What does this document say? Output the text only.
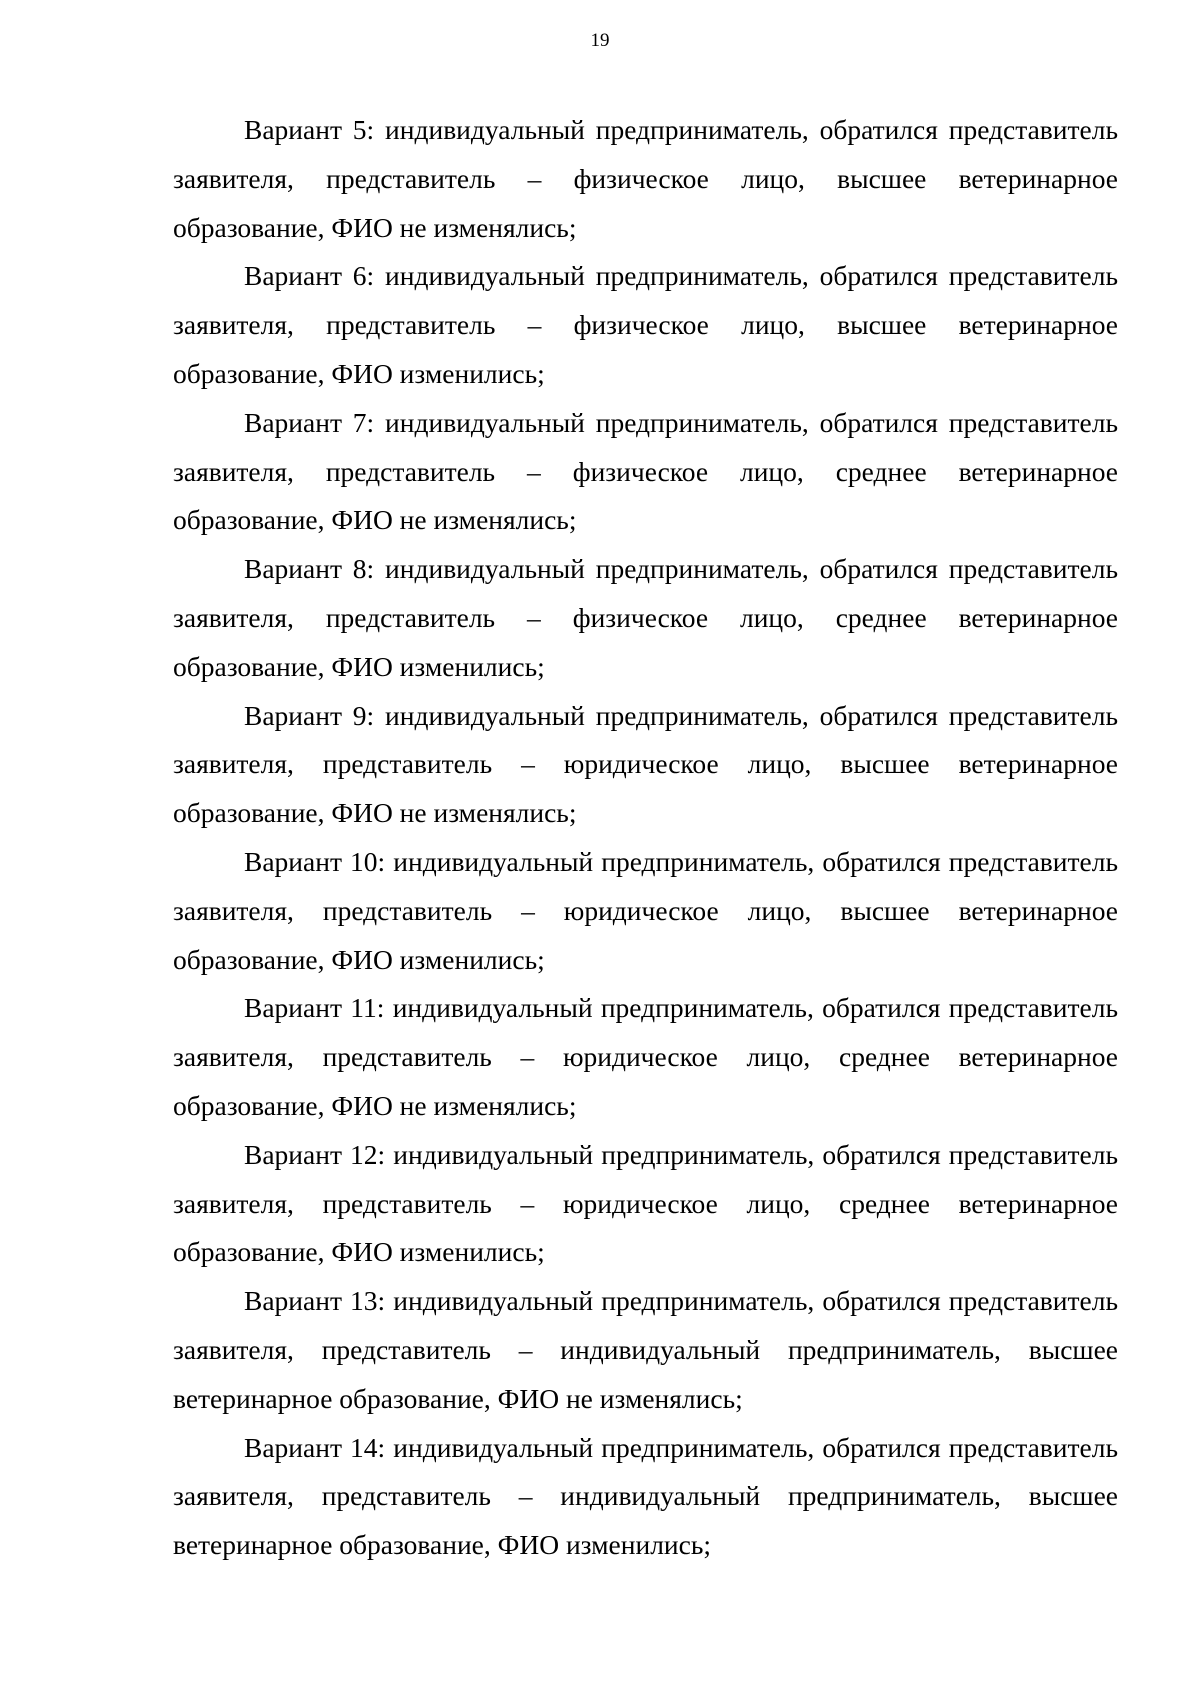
19

Вариант 5: индивидуальный предприниматель, обратился представитель заявителя, представитель – физическое лицо, высшее ветеринарное образование, ФИО не изменялись;

Вариант 6: индивидуальный предприниматель, обратился представитель заявителя, представитель – физическое лицо, высшее ветеринарное образование, ФИО изменились;

Вариант 7: индивидуальный предприниматель, обратился представитель заявителя, представитель – физическое лицо, среднее ветеринарное образование, ФИО не изменялись;

Вариант 8: индивидуальный предприниматель, обратился представитель заявителя, представитель – физическое лицо, среднее ветеринарное образование, ФИО изменились;

Вариант 9: индивидуальный предприниматель, обратился представитель заявителя, представитель – юридическое лицо, высшее ветеринарное образование, ФИО не изменялись;

Вариант 10: индивидуальный предприниматель, обратился представитель заявителя, представитель – юридическое лицо, высшее ветеринарное образование, ФИО изменились;

Вариант 11: индивидуальный предприниматель, обратился представитель заявителя, представитель – юридическое лицо, среднее ветеринарное образование, ФИО не изменялись;

Вариант 12: индивидуальный предприниматель, обратился представитель заявителя, представитель – юридическое лицо, среднее ветеринарное образование, ФИО изменились;

Вариант 13: индивидуальный предприниматель, обратился представитель заявителя, представитель – индивидуальный предприниматель, высшее ветеринарное образование, ФИО не изменялись;

Вариант 14: индивидуальный предприниматель, обратился представитель заявителя, представитель – индивидуальный предприниматель, высшее ветеринарное образование, ФИО изменились;
